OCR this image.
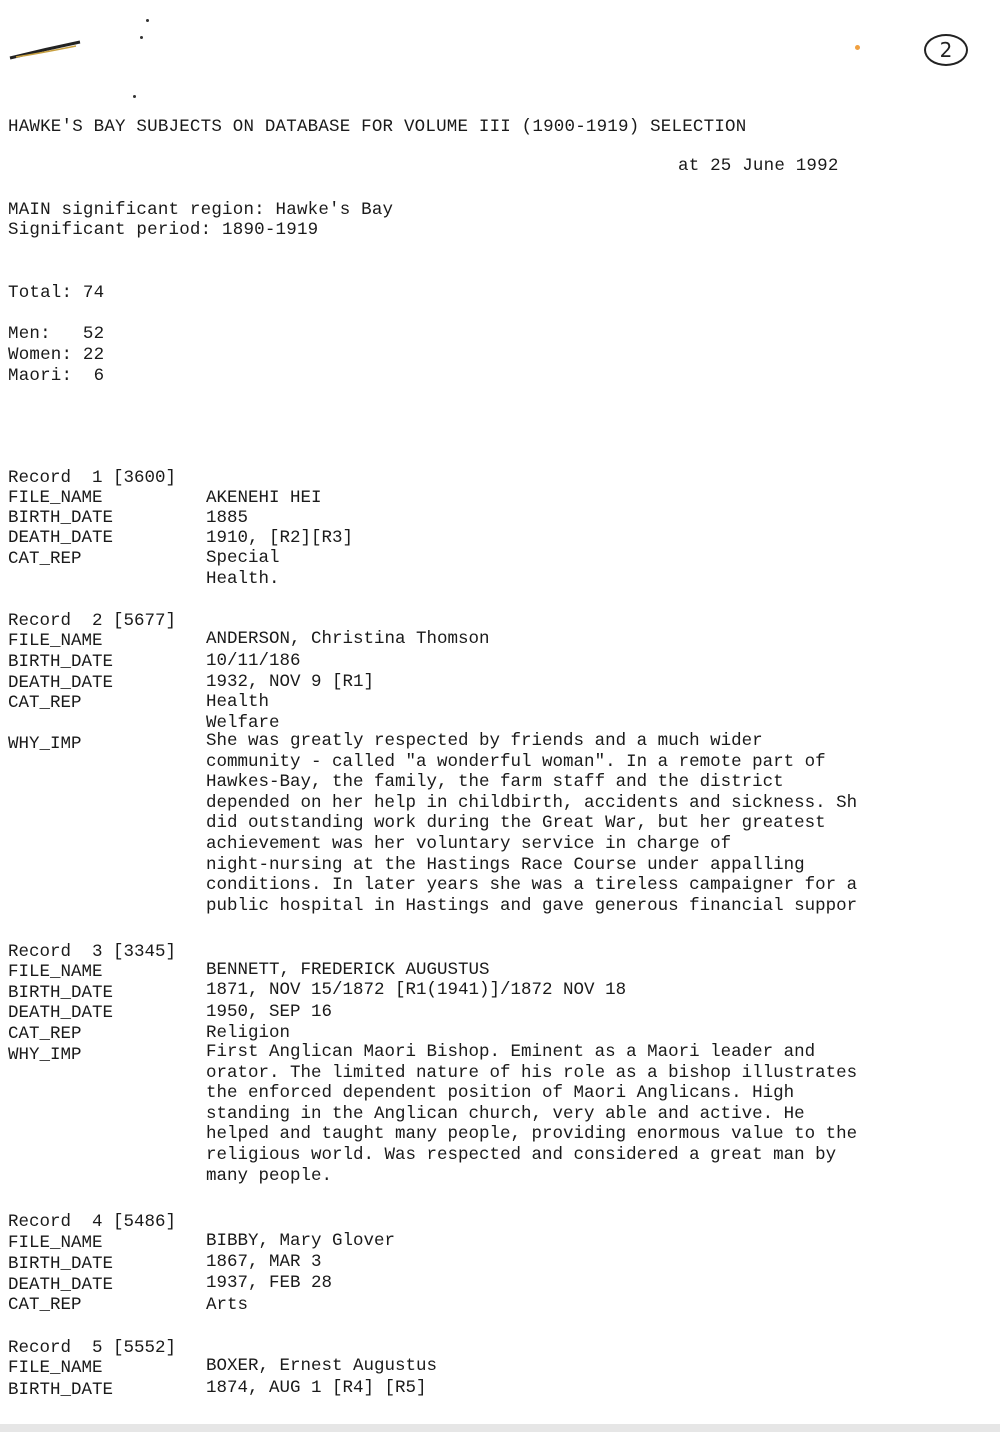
2
HAWKE'S BAY SUBJECTS ON DATABASE FOR VOLUME III (1900-1919) SELECTION
at 25 June 1992
MAIN significant region: Hawke's Bay
Significant period: 1890-1919
Total: 74
Men:   52
Women: 22
Maori:  6
Record  1 [3600]
FILE_NAME	AKENEHI HEI
BIRTH_DATE	1885
DEATH_DATE	1910, [R2][R3]
CAT_REP	Special
Health.
Record  2 [5677]
FILE_NAME	ANDERSON, Christina Thomson
BIRTH_DATE	10/11/186
DEATH_DATE	1932, NOV 9 [R1]
CAT_REP	Health
Welfare
WHY_IMP	She was greatly respected by friends and a much wider
community - called "a wonderful woman". In a remote part of
Hawkes-Bay, the family, the farm staff and the district
depended on her help in childbirth, accidents and sickness. Sh
did outstanding work during the Great War, but her greatest
achievement was her voluntary service in charge of
night-nursing at the Hastings Race Course under appalling
conditions. In later years she was a tireless campaigner for a
public hospital in Hastings and gave generous financial suppor
Record  3 [3345]
FILE_NAME	BENNETT, FREDERICK AUGUSTUS
BIRTH_DATE	1871, NOV 15/1872 [R1(1941)]/1872 NOV 18
DEATH_DATE	1950, SEP 16
CAT_REP	Religion
WHY_IMP	First Anglican Maori Bishop. Eminent as a Maori leader and
orator. The limited nature of his role as a bishop illustrates
the enforced dependent position of Maori Anglicans. High
standing in the Anglican church, very able and active. He
helped and taught many people, providing enormous value to the
religious world. Was respected and considered a great man by
many people.
Record  4 [5486]
FILE_NAME	BIBBY, Mary Glover
BIRTH_DATE	1867, MAR 3
DEATH_DATE	1937, FEB 28
CAT_REP	Arts
Record  5 [5552]
FILE_NAME	BOXER, Ernest Augustus
BIRTH_DATE	1874, AUG 1 [R4] [R5]
